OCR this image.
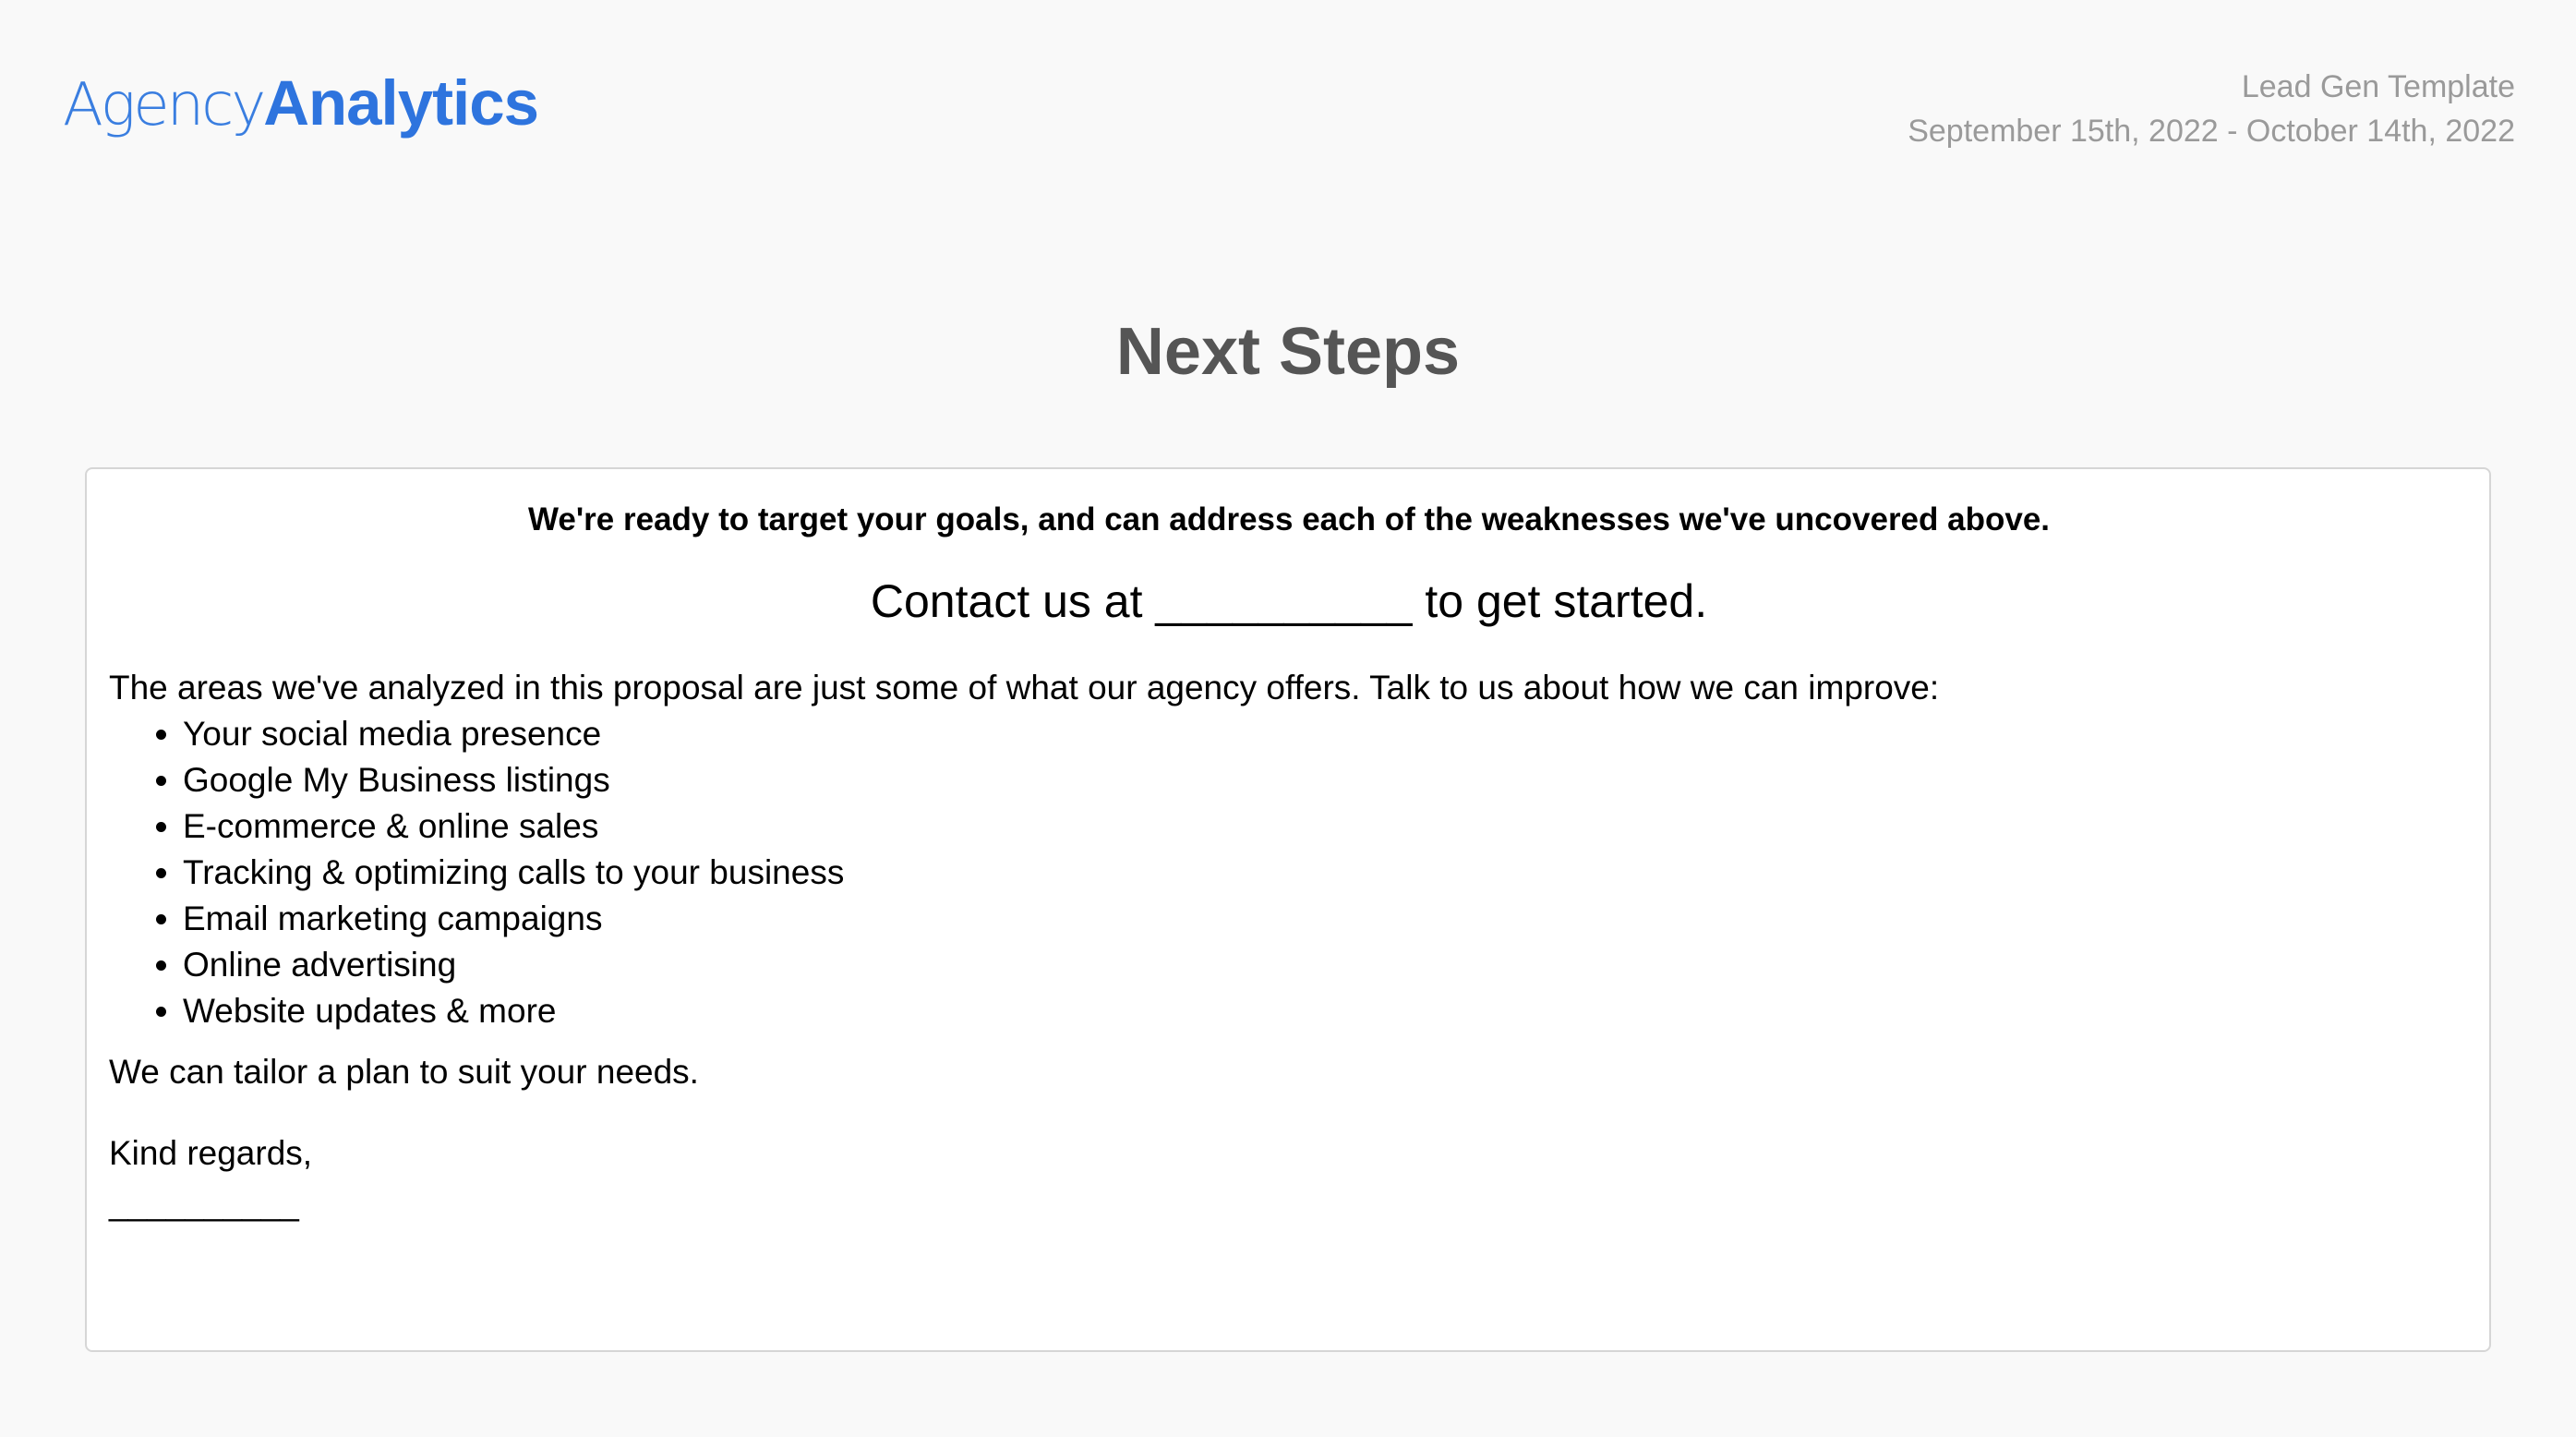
AgencyAnalytics	Lead Gen Template
September 15th, 2022 - October 14th, 2022
Next Steps

We're ready to target your goals, and can address each of the weaknesses we've uncovered above.

Contact us at __________ to get started.

The areas we've analyzed in this proposal are just some of what our agency offers. Talk to us about how we can improve:

• Your social media presence
• Google My Business listings
• E-commerce & online sales
• Tracking & optimizing calls to your business
• Email marketing campaigns
• Online advertising
• Website updates & more

We can tailor a plan to suit your needs.

Kind regards,

__________
